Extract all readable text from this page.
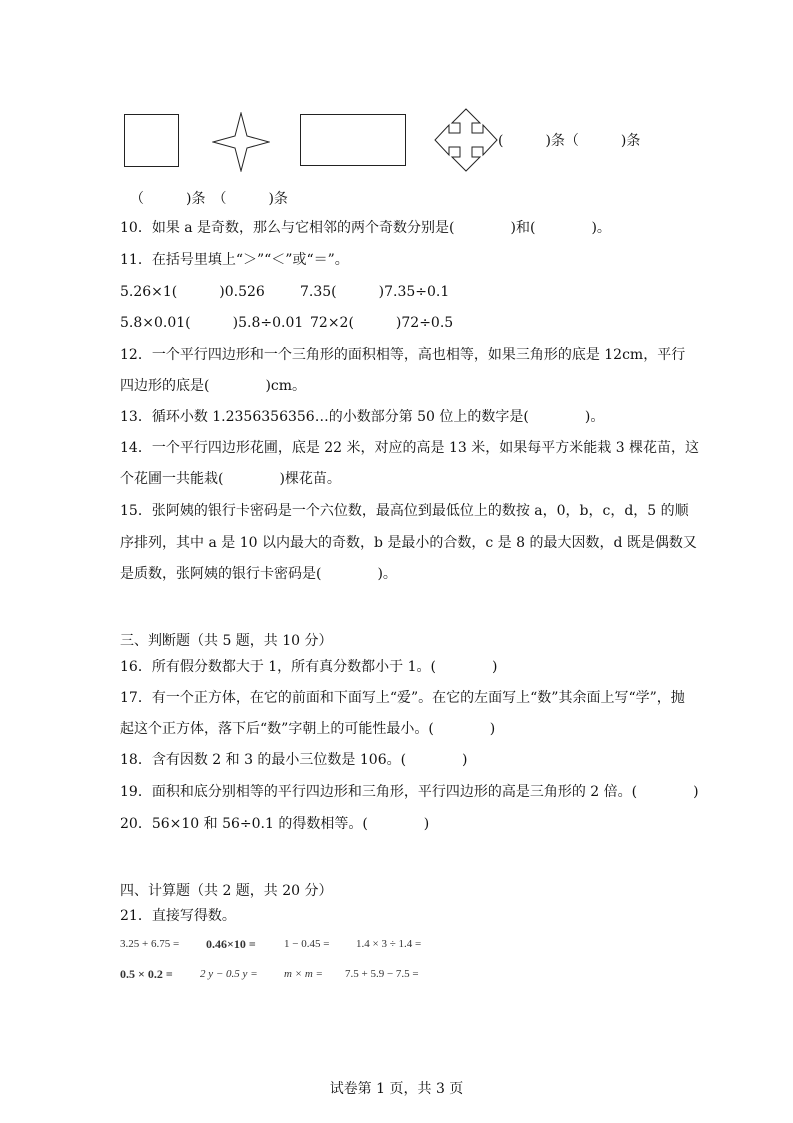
(　　　)条（　　　)条
（　　　)条　（　　　)条
10．如果 a 是奇数，那么与它相邻的两个奇数分别是(　　　　)和(　　　　)。
11．在括号里填上“＞”“＜”或“＝”。
5.26×1(　　　)0.526	7.35(　　　)7.35÷0.1
5.8×0.01(　　　)5.8÷0.01 72×2(　　　)72÷0.5
12．一个平行四边形和一个三角形的面积相等，高也相等，如果三角形的底是 12cm，平行
四边形的底是(　　　　)cm。
13．循环小数 1.2356356356…的小数部分第 50 位上的数字是(　　　　)。
14．一个平行四边形花圃，底是 22 米，对应的高是 13 米，如果每平方米能栽 3 棵花苗，这
个花圃一共能栽(　　　　)棵花苗。
15．张阿姨的银行卡密码是一个六位数，最高位到最低位上的数按 a，0，b，c，d，5 的顺
序排列，其中 a 是 10 以内最大的奇数，b 是最小的合数，c 是 8 的最大因数，d 既是偶数又
是质数，张阿姨的银行卡密码是(　　　　)。
三、判断题（共 5 题，共 10 分）
16．所有假分数都大于 1，所有真分数都小于 1。(　　　　)
17．有一个正方体，在它的前面和下面写上“爱”。在它的左面写上“数”其余面上写“学”，抛
起这个正方体，落下后“数”字朝上的可能性最小。(　　　　)
18．含有因数 2 和 3 的最小三位数是 106。(　　　　)
19．面积和底分别相等的平行四边形和三角形，平行四边形的高是三角形的 2 倍。(　　　　)
20．56×10 和 56÷0.1 的得数相等。(　　　　)
四、计算题（共 2 题，共 20 分）
21．直接写得数。
3.25 + 6.75 = 0.46×10 =	1 − 0.45 = 1.4 × 3 ÷ 1.4 =
0.5 × 0.2 = 2 y − 0.5 y = m × m = 7.5 + 5.9 − 7.5 =
试卷第 1 页，共 3 页
